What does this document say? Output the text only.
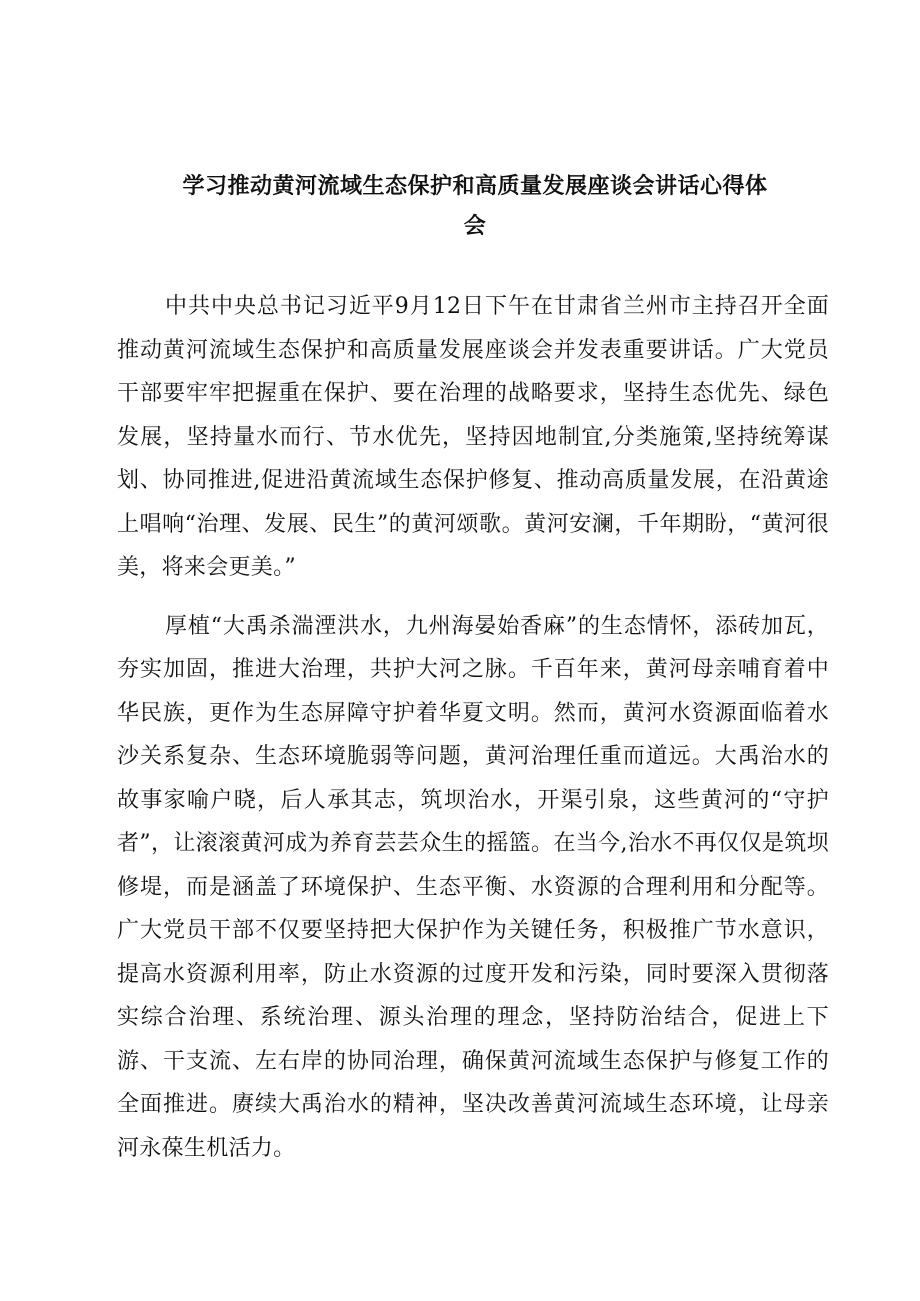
学习推动黄河流域生态保护和高质量发展座谈会讲话心得体
会

中共中央总书记习近平9月12日下午在甘肃省兰州市主持召开全面推动黄河流域生态保护和高质量发展座谈会并发表重要讲话。广大党员干部要牢牢把握重在保护、要在治理的战略要求，坚持生态优先、绿色发展，坚持量水而行、节水优先，坚持因地制宜,分类施策,坚持统筹谋划、协同推进,促进沿黄流域生态保护修复、推动高质量发展，在沿黄途上唱响“治理、发展、民生”的黄河颂歌。黄河安澜，千年期盼，“黄河很美，将来会更美。”

厚植“大禹杀湍湮洪水，九州海晏始香麻”的生态情怀，添砖加瓦，夯实加固，推进大治理，共护大河之脉。千百年来，黄河母亲哺育着中华民族，更作为生态屏障守护着华夏文明。然而，黄河水资源面临着水沙关系复杂、生态环境脆弱等问题，黄河治理任重而道远。大禹治水的故事家喻户晓，后人承其志，筑坝治水，开渠引泉，这些黄河的“守护者”，让滚滚黄河成为养育芸芸众生的摇篮。在当今,治水不再仅仅是筑坝修堤，而是涵盖了环境保护、生态平衡、水资源的合理利用和分配等。广大党员干部不仅要坚持把大保护作为关键任务，积极推广节水意识，提高水资源利用率，防止水资源的过度开发和污染，同时要深入贯彻落实综合治理、系统治理、源头治理的理念，坚持防治结合，促进上下游、干支流、左右岸的协同治理，确保黄河流域生态保护与修复工作的全面推进。赓续大禹治水的精神，坚决改善黄河流域生态环境，让母亲河永葆生机活力。
